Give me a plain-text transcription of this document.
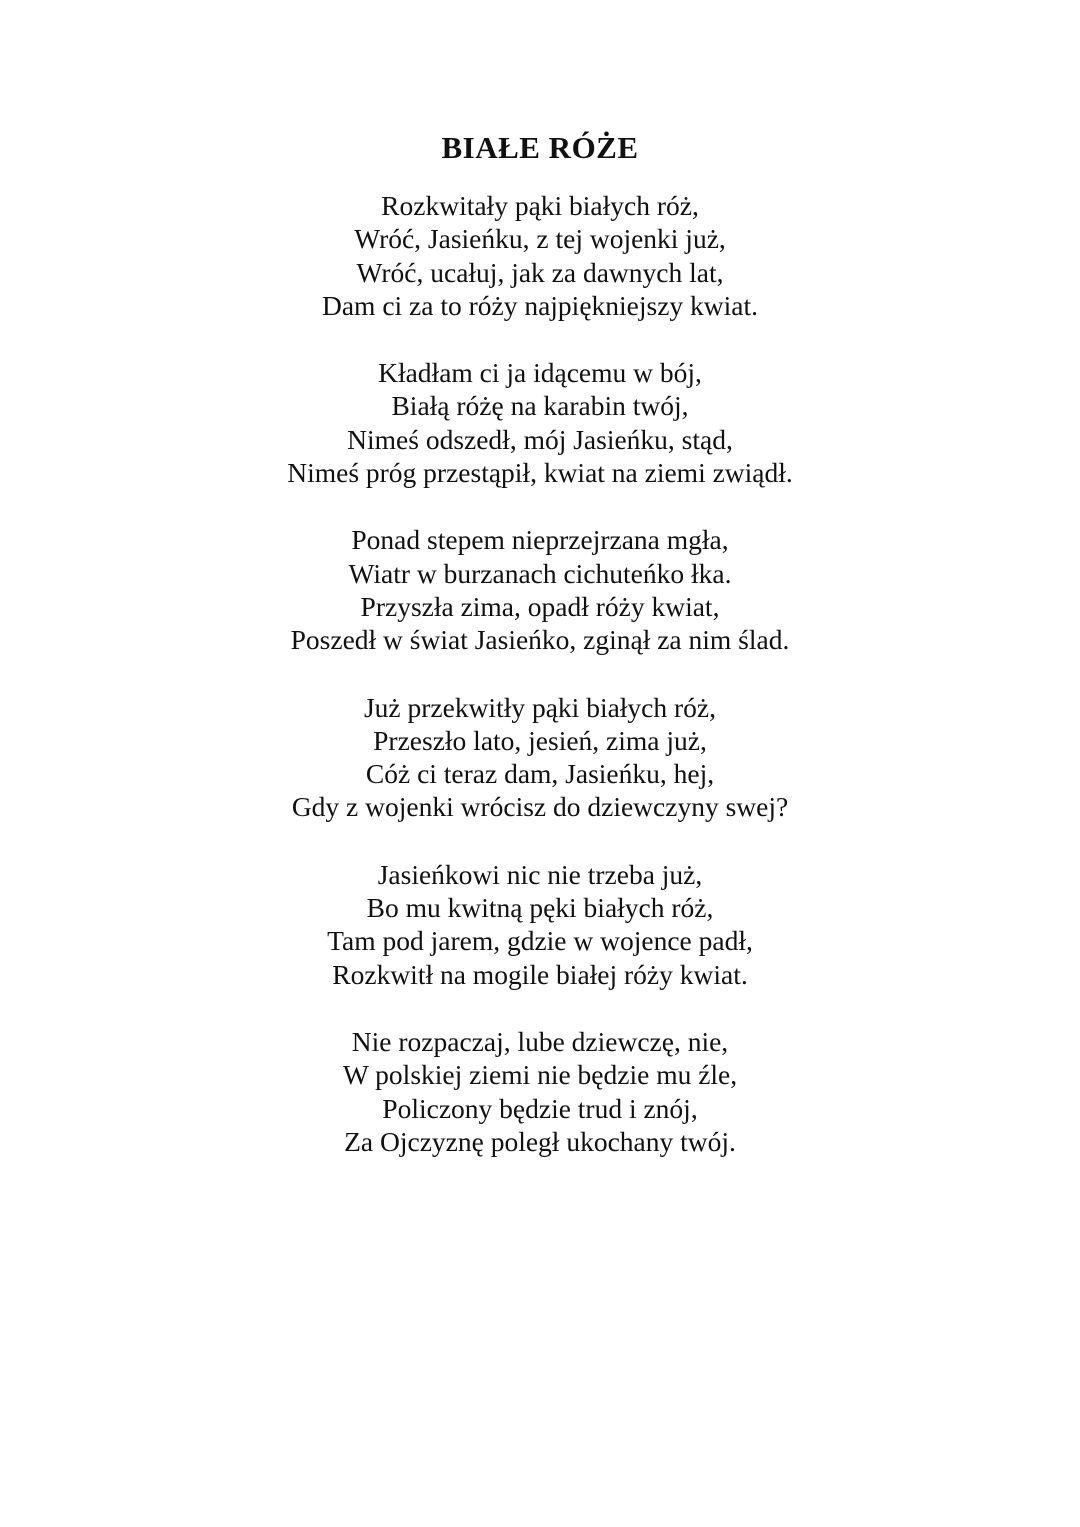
BIAŁE RÓŻE
Rozkwitały pąki białych róż,
Wróć, Jasieńku, z tej wojenki już,
Wróć, ucałuj, jak za dawnych lat,
Dam ci za to róży najpiękniejszy kwiat.
Kładłam ci ja idącemu w bój,
Białą różę na karabin twój,
Nimeś odszedł, mój Jasieńku, stąd,
Nimeś próg przestąpił, kwiat na ziemi zwiądł.
Ponad stepem nieprzejrzana mgła,
Wiatr w burzanach cichuteńko łka.
Przyszła zima, opadł róży kwiat,
Poszedł w świat Jasieńko, zginął za nim ślad.
Już przekwitły pąki białych róż,
Przeszło lato, jesień, zima już,
Cóż ci teraz dam, Jasieńku, hej,
Gdy z wojenki wrócisz do dziewczyny swej?
Jasieńkowi nic nie trzeba już,
Bo mu kwitną pęki białych róż,
Tam pod jarem, gdzie w wojence padł,
Rozkwitł na mogile białej róży kwiat.
Nie rozpaczaj, lube dziewczę, nie,
W polskiej ziemi nie będzie mu źle,
Policzony będzie trud i znój,
Za Ojczyznę poległ ukochany twój.
